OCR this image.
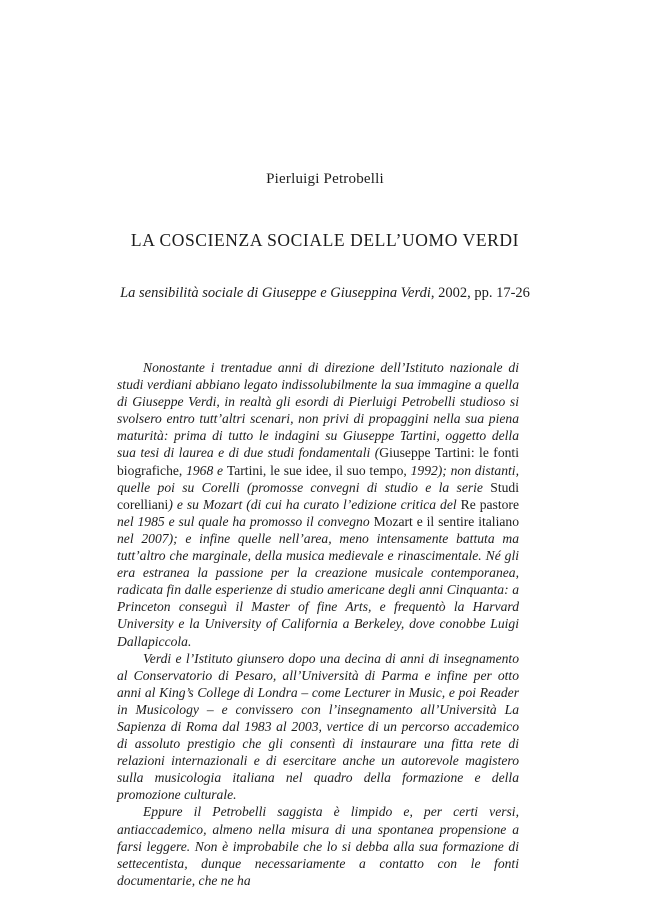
Pierluigi Petrobelli
LA COSCIENZA SOCIALE DELL’UOMO VERDI
La sensibilità sociale di Giuseppe e Giuseppina Verdi, 2002, pp. 17-26

Nonostante i trentadue anni di direzione dell’Istituto nazionale di studi verdiani abbiano legato indissolubilmente la sua immagine a quella di Giuseppe Verdi, in realtà gli esordi di Pierluigi Petrobelli studioso si svolsero entro tutt’altri scenari, non privi di propaggini nella sua piena maturità: prima di tutto le indagini su Giuseppe Tartini, oggetto della sua tesi di laurea e di due studi fondamentali (Giuseppe Tartini: le fonti biografiche, 1968 e Tartini, le sue idee, il suo tempo, 1992); non distanti, quelle poi su Corelli (promosse convegni di studio e la serie Studi corelliani) e su Mozart (di cui ha curato l’edizione critica del Re pastore nel 1985 e sul quale ha promosso il convegno Mozart e il sentire italiano nel 2007); e infine quelle nell’area, meno intensamente battuta ma tutt’altro che marginale, della musica medievale e rinascimentale. Né gli era estranea la passione per la creazione musicale contemporanea, radicata fin dalle esperienze di studio americane degli anni Cinquanta: a Princeton conseguì il Master of fine Arts, e frequentò la Harvard University e la University of California a Berkeley, dove conobbe Luigi Dallapiccola.

Verdi e l’Istituto giunsero dopo una decina di anni di insegnamento al Conservatorio di Pesaro, all’Università di Parma e infine per otto anni al King’s College di Londra – come Lecturer in Music, e poi Reader in Musicology – e convissero con l’insegnamento all’Università La Sapienza di Roma dal 1983 al 2003, vertice di un percorso accademico di assoluto prestigio che gli consentì di instaurare una fitta rete di relazioni internazionali e di esercitare anche un autorevole magistero sulla musicologia italiana nel quadro della formazione e della promozione culturale.

Eppure il Petrobelli saggista è limpido e, per certi versi, antiaccademico, almeno nella misura di una spontanea propensione a farsi leggere. Non è improbabile che lo si debba alla sua formazione di settecentista, dunque necessariamente a contatto con le fonti documentarie, che ne ha
